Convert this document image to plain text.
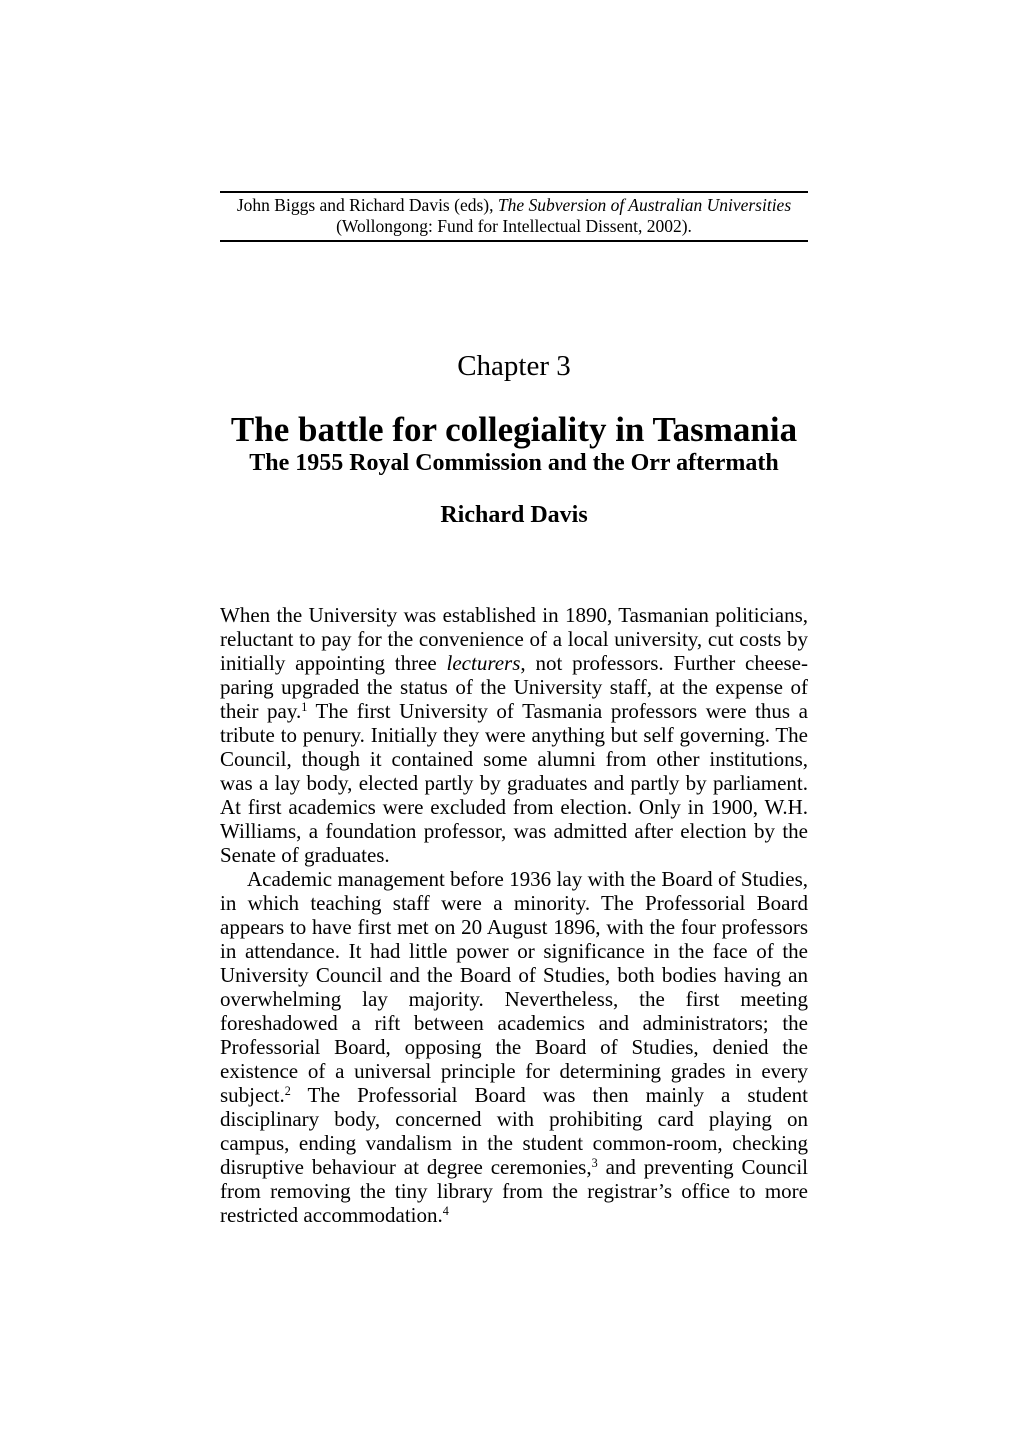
John Biggs and Richard Davis (eds), The Subversion of Australian Universities (Wollongong: Fund for Intellectual Dissent, 2002).
Chapter 3
The battle for collegiality in Tasmania
The 1955 Royal Commission and the Orr aftermath
Richard Davis

When the University was established in 1890, Tasmanian politicians, reluctant to pay for the convenience of a local university, cut costs by initially appointing three lecturers, not professors. Further cheese-paring upgraded the status of the University staff, at the expense of their pay.$^1$ The first University of Tasmania professors were thus a tribute to penury. Initially they were anything but self governing. The Council, though it contained some alumni from other institutions, was a lay body, elected partly by graduates and partly by parliament. At first academics were excluded from election. Only in 1900, W.H. Williams, a foundation professor, was admitted after election by the Senate of graduates.

Academic management before 1936 lay with the Board of Studies, in which teaching staff were a minority. The Professorial Board appears to have first met on 20 August 1896, with the four professors in attendance. It had little power or significance in the face of the University Council and the Board of Studies, both bodies having an overwhelming lay majority. Nevertheless, the first meeting foreshadowed a rift between academics and administrators; the Professorial Board, opposing the Board of Studies, denied the existence of a universal principle for determining grades in every subject.$^2$ The Professorial Board was then mainly a student disciplinary body, concerned with prohibiting card playing on campus, ending vandalism in the student common-room, checking disruptive behaviour at degree ceremonies,$^3$ and preventing Council from removing the tiny library from the registrar’s office to more restricted accommodation.$^4$
